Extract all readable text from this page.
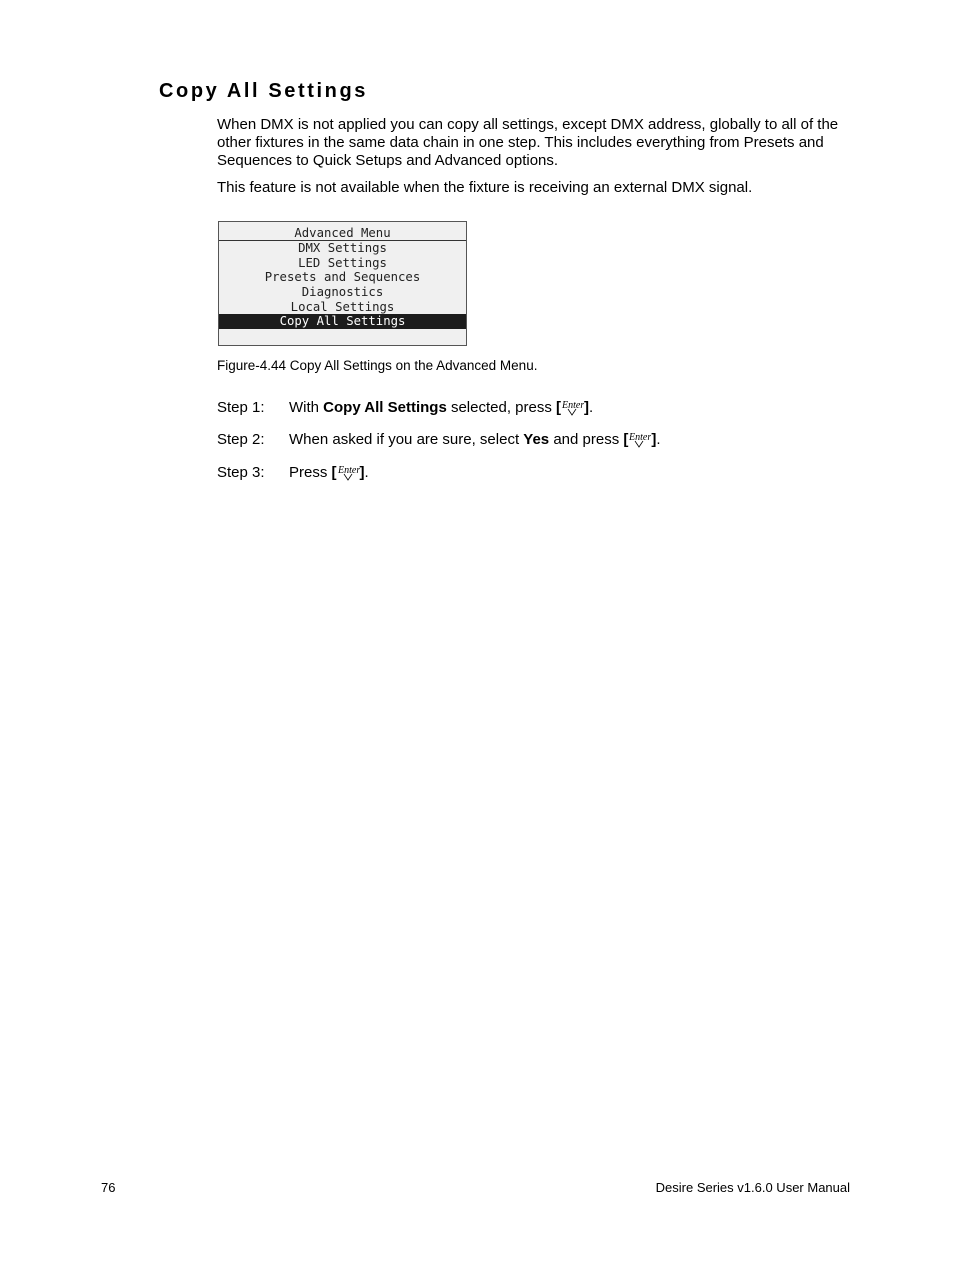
Copy All Settings
When DMX is not applied you can copy all settings, except DMX address, globally to all of the other fixtures in the same data chain in one step. This includes everything from Presets and Sequences to Quick Setups and Advanced options.
This feature is not available when the fixture is receiving an external DMX signal.
Advanced Menu
DMX Settings
LED Settings
Presets and Sequences
Diagnostics
Local Settings
Copy All Settings
Figure-4.44 Copy All Settings on the Advanced Menu.
Step 1: With Copy All Settings selected, press [ Enter ].
Step 2: When asked if you are sure, select Yes and press [ Enter ].
Step 3: Press [ Enter ].
76	Desire Series v1.6.0 User Manual
